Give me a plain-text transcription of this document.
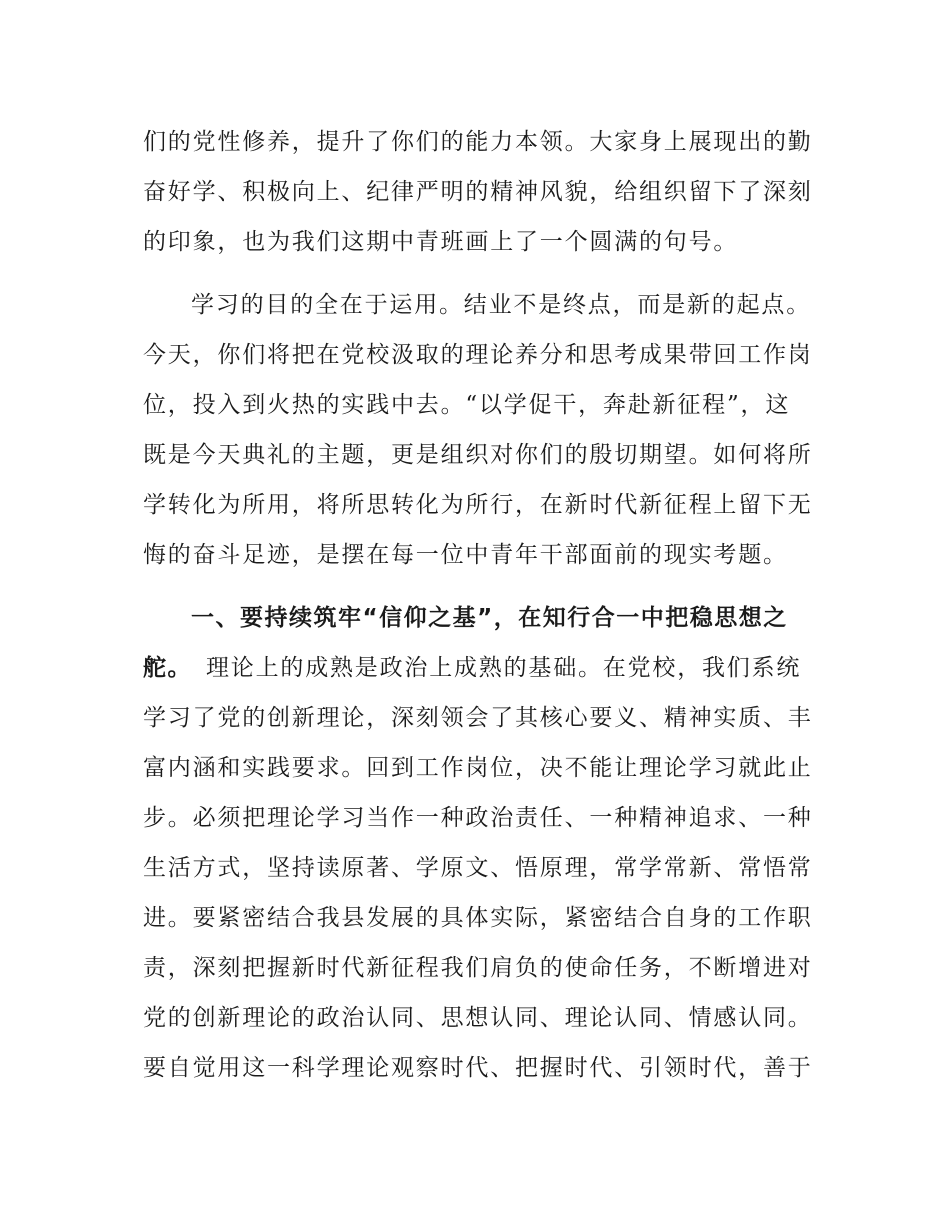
们的党性修养，提升了你们的能力本领。大家身上展现出的勤
奋好学、积极向上、纪律严明的精神风貌，给组织留下了深刻
的印象，也为我们这期中青班画上了一个圆满的句号。
学习的目的全在于运用。结业不是终点，而是新的起点。
今天，你们将把在党校汲取的理论养分和思考成果带回工作岗
位，投入到火热的实践中去。“以学促干，奔赴新征程”，这
既是今天典礼的主题，更是组织对你们的殷切期望。如何将所
学转化为所用，将所思转化为所行，在新时代新征程上留下无
悔的奋斗足迹，是摆在每一位中青年干部面前的现实考题。
一、要持续筑牢“信仰之基”，在知行合一中把稳思想之
舵。 理论上的成熟是政治上成熟的基础。在党校，我们系统
学习了党的创新理论，深刻领会了其核心要义、精神实质、丰
富内涵和实践要求。回到工作岗位，决不能让理论学习就此止
步。必须把理论学习当作一种政治责任、一种精神追求、一种
生活方式，坚持读原著、学原文、悟原理，常学常新、常悟常
进。要紧密结合我县发展的具体实际，紧密结合自身的工作职
责，深刻把握新时代新征程我们肩负的使命任务，不断增进对
党的创新理论的政治认同、思想认同、理论认同、情感认同。
要自觉用这一科学理论观察时代、把握时代、引领时代，善于
